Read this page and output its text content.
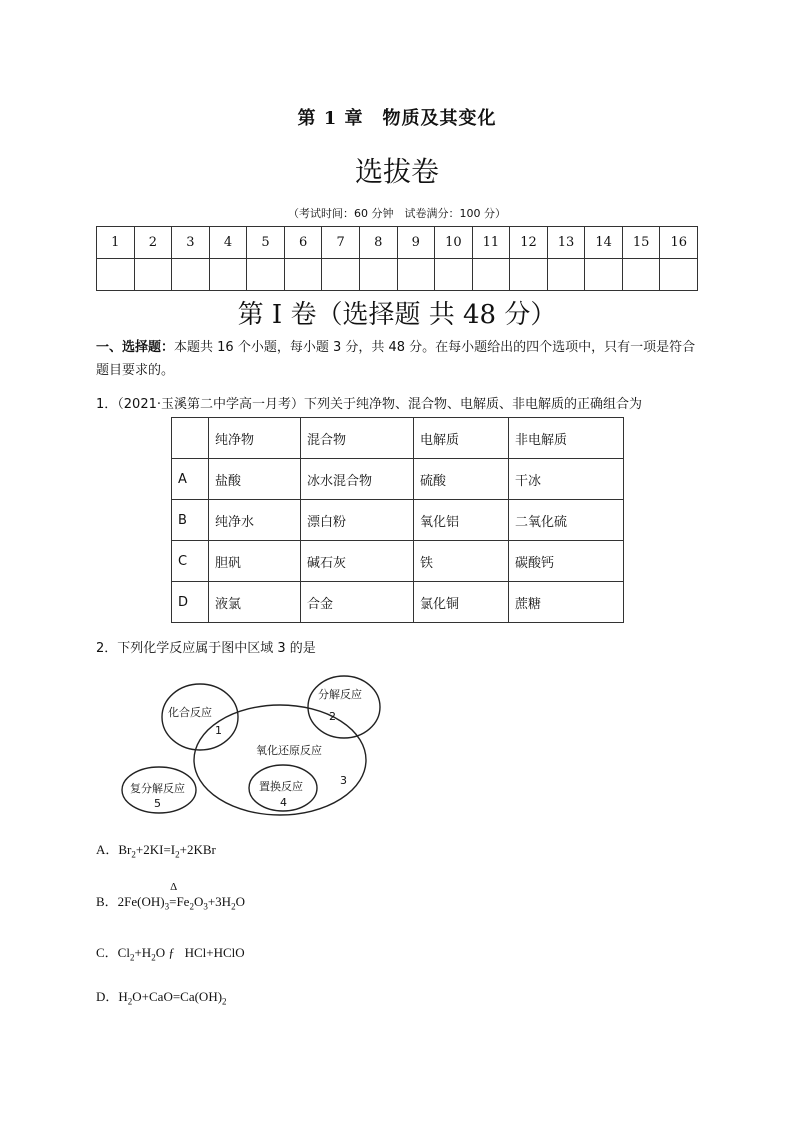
第 1 章　物质及其变化
选拔卷
（考试时间：60 分钟　试卷满分：100 分）
1	2	3	4	5	6	7	8	9	10	11	12	13	14	15	16

第 I 卷（选择题 共 48 分）
一、选择题：本题共 16 个小题，每小题 3 分，共 48 分。在每小题给出的四个选项中，只有一项是符合题目要求的。
1．（2021·玉溪第二中学高一月考）下列关于纯净物、混合物、电解质、非电解质的正确组合为
	纯净物	混合物	电解质	非电解质
A	盐酸	冰水混合物	硫酸	干冰
B	纯净水	漂白粉	氧化铝	二氧化硫
C	胆矾	碱石灰	铁	碳酸钙
D	液氯	合金	氯化铜	蔗糖
2．下列化学反应属于图中区域 3 的是
化合反应
1
分解反应
2
氧化还原反应
3
置换反应
4
复分解反应
5
A．$Br_2+2KI=I_2+2KBr$
B．$2Fe(OH)_3$
Δ
$=Fe_2O_3+3H_2O$
C．$Cl_2+H_2O$ ƒ   HCl+HClO
D．$H_2O+CaO=Ca(OH)_2$
